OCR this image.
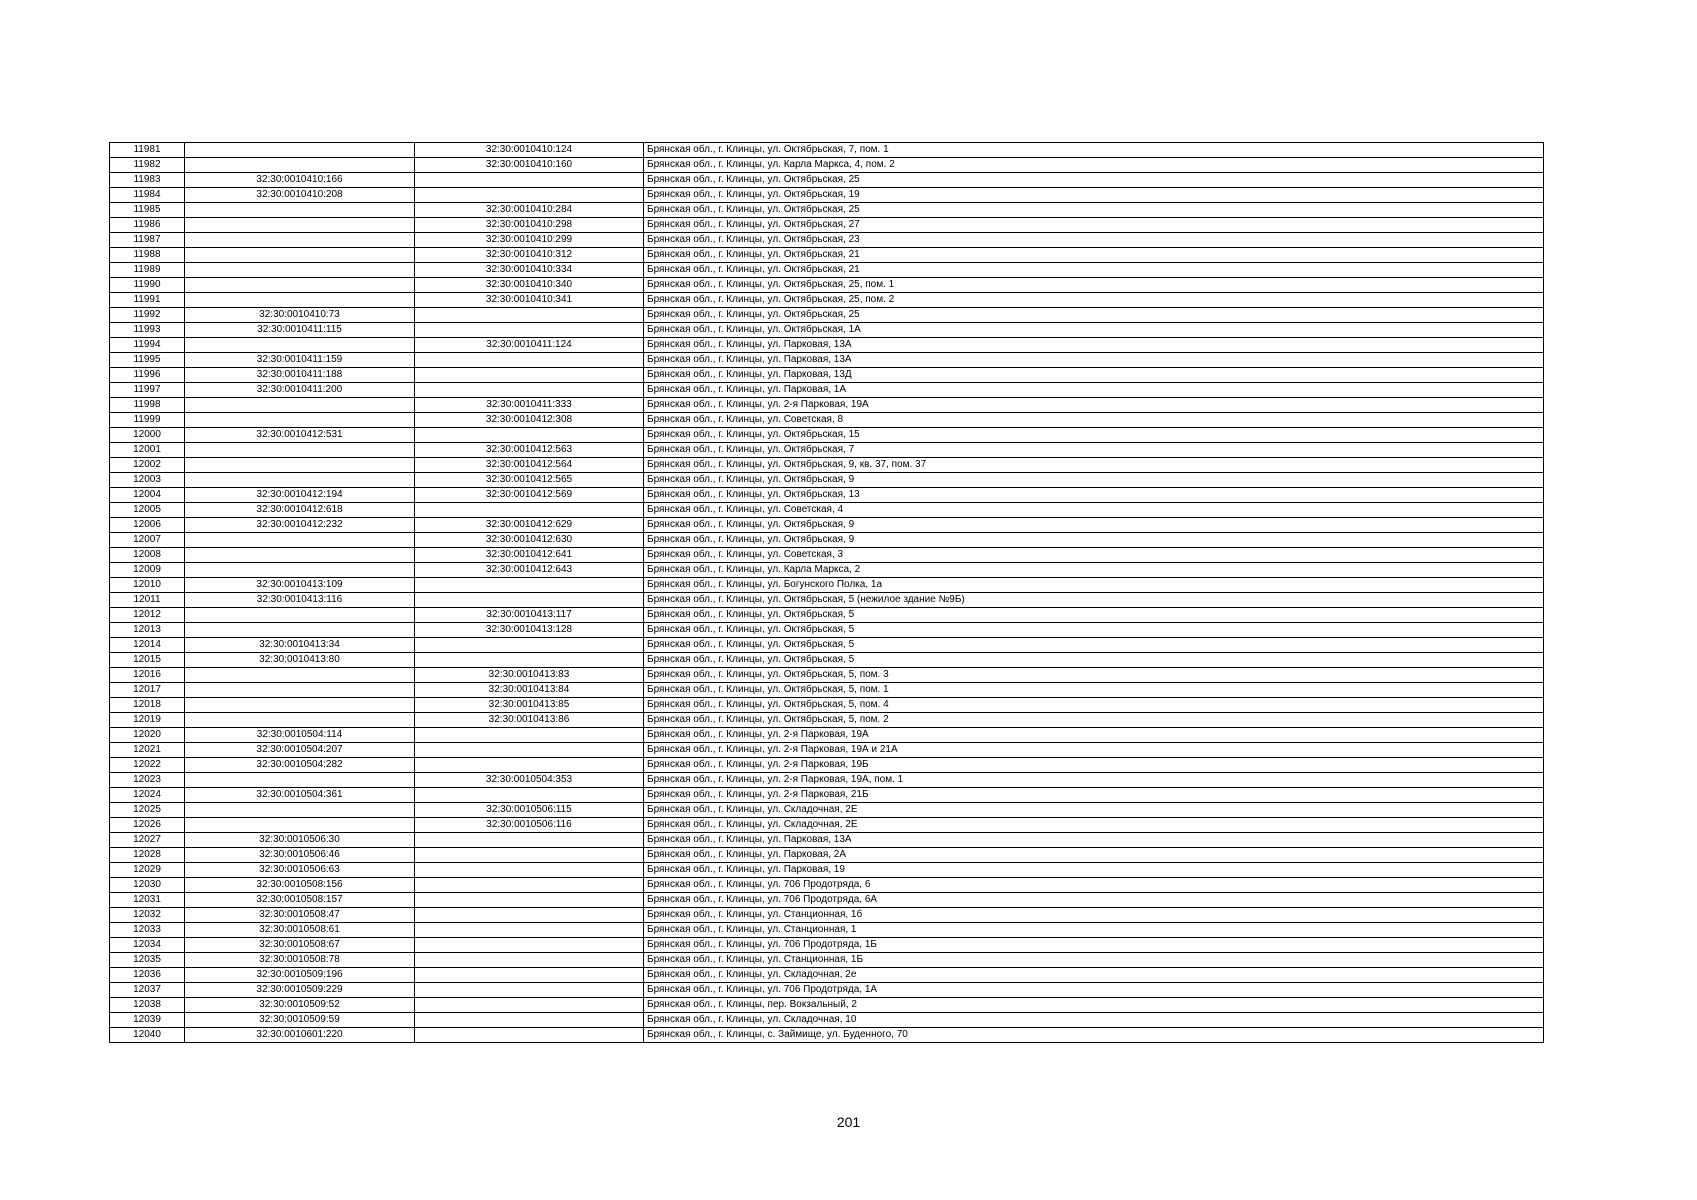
11981		32:30:0010410:124	Брянская обл., г. Клинцы, ул. Октябрьская, 7, пом. 1
11982		32:30:0010410:160	Брянская обл., г. Клинцы, ул. Карла Маркса, 4, пом. 2
11983	32:30:0010410:166		Брянская обл., г. Клинцы, ул. Октябрьская, 25
11984	32:30:0010410:208		Брянская обл., г. Клинцы, ул. Октябрьская, 19
11985		32:30:0010410:284	Брянская обл., г. Клинцы, ул. Октябрьская, 25
11986		32:30:0010410:298	Брянская обл., г. Клинцы, ул. Октябрьская, 27
11987		32:30:0010410:299	Брянская обл., г. Клинцы, ул. Октябрьская, 23
11988		32:30:0010410:312	Брянская обл., г. Клинцы, ул. Октябрьская, 21
11989		32:30:0010410:334	Брянская обл., г. Клинцы, ул. Октябрьская, 21
11990		32:30:0010410:340	Брянская обл., г. Клинцы, ул. Октябрьская, 25, пом. 1
11991		32:30:0010410:341	Брянская обл., г. Клинцы, ул. Октябрьская, 25, пом. 2
11992	32:30:0010410:73		Брянская обл., г. Клинцы, ул. Октябрьская, 25
11993	32:30:0010411:115		Брянская обл., г. Клинцы, ул. Октябрьская, 1А
11994		32:30:0010411:124	Брянская обл., г. Клинцы, ул. Парковая, 13А
11995	32:30:0010411:159		Брянская обл., г. Клинцы, ул. Парковая, 13А
11996	32:30:0010411:188		Брянская обл., г. Клинцы, ул. Парковая, 13Д
11997	32:30:0010411:200		Брянская обл., г. Клинцы, ул. Парковая, 1А
11998		32:30:0010411:333	Брянская обл., г. Клинцы, ул. 2-я Парковая, 19А
11999		32:30:0010412:308	Брянская обл., г. Клинцы, ул. Советская, 8
12000	32:30:0010412:531		Брянская обл., г. Клинцы, ул. Октябрьская, 15
12001		32:30:0010412:563	Брянская обл., г. Клинцы, ул. Октябрьская, 7
12002		32:30:0010412:564	Брянская обл., г. Клинцы, ул. Октябрьская, 9, кв. 37, пом. 37
12003		32:30:0010412:565	Брянская обл., г. Клинцы, ул. Октябрьская, 9
12004	32:30:0010412:194	32:30:0010412:569	Брянская обл., г. Клинцы, ул. Октябрьская, 13
12005	32:30:0010412:618		Брянская обл., г. Клинцы, ул. Советская, 4
12006	32:30:0010412:232	32:30:0010412:629	Брянская обл., г. Клинцы, ул. Октябрьская, 9
12007		32:30:0010412:630	Брянская обл., г. Клинцы, ул. Октябрьская, 9
12008		32:30:0010412:641	Брянская обл., г. Клинцы, ул. Советская, 3
12009		32:30:0010412:643	Брянская обл., г. Клинцы, ул. Карла Маркса, 2
12010	32:30:0010413:109		Брянская обл., г. Клинцы, ул. Богунского Полка, 1а
12011	32:30:0010413:116		Брянская обл., г. Клинцы, ул. Октябрьская, 5 (нежилое здание №9Б)
12012		32:30:0010413:117	Брянская обл., г. Клинцы, ул. Октябрьская, 5
12013		32:30:0010413:128	Брянская обл., г. Клинцы, ул. Октябрьская, 5
12014	32:30:0010413:34		Брянская обл., г. Клинцы, ул. Октябрьская, 5
12015	32:30:0010413:80		Брянская обл., г. Клинцы, ул. Октябрьская, 5
12016		32:30:0010413:83	Брянская обл., г. Клинцы, ул. Октябрьская, 5, пом. 3
12017		32:30:0010413:84	Брянская обл., г. Клинцы, ул. Октябрьская, 5, пом. 1
12018		32:30:0010413:85	Брянская обл., г. Клинцы, ул. Октябрьская, 5, пом. 4
12019		32:30:0010413:86	Брянская обл., г. Клинцы, ул. Октябрьская, 5, пом. 2
12020	32:30:0010504:114		Брянская обл., г. Клинцы, ул. 2-я Парковая, 19А
12021	32:30:0010504:207		Брянская обл., г. Клинцы, ул. 2-я Парковая, 19А и 21А
12022	32:30:0010504:282		Брянская обл., г. Клинцы, ул. 2-я Парковая, 19Б
12023		32:30:0010504:353	Брянская обл., г. Клинцы, ул. 2-я Парковая, 19А, пом. 1
12024	32:30:0010504:361		Брянская обл., г. Клинцы, ул. 2-я Парковая, 21Б
12025		32:30:0010506:115	Брянская обл., г. Клинцы, ул. Складочная, 2Е
12026		32:30:0010506:116	Брянская обл., г. Клинцы, ул. Складочная, 2Е
12027	32:30:0010506:30		Брянская обл., г. Клинцы, ул. Парковая, 13А
12028	32:30:0010506:46		Брянская обл., г. Клинцы, ул. Парковая, 2А
12029	32:30:0010506:63		Брянская обл., г. Клинцы, ул. Парковая, 19
12030	32:30:0010508:156		Брянская обл., г. Клинцы, ул. 706 Продотряда, 6
12031	32:30:0010508:157		Брянская обл., г. Клинцы, ул. 706 Продотряда, 6А
12032	32:30:0010508:47		Брянская обл., г. Клинцы, ул. Станционная, 1б
12033	32:30:0010508:61		Брянская обл., г. Клинцы, ул. Станционная, 1
12034	32:30:0010508:67		Брянская обл., г. Клинцы, ул. 706 Продотряда, 1Б
12035	32:30:0010508:78		Брянская обл., г. Клинцы, ул. Станционная, 1Б
12036	32:30:0010509:196		Брянская обл., г. Клинцы, ул. Складочная, 2е
12037	32:30:0010509:229		Брянская обл., г. Клинцы, ул. 706 Продотряда, 1А
12038	32:30:0010509:52		Брянская обл., г. Клинцы, пер. Вокзальный, 2
12039	32:30:0010509:59		Брянская обл., г. Клинцы, ул. Складочная, 10
12040	32:30:0010601:220		Брянская обл., г. Клинцы, с. Займище, ул. Буденного, 70
201
